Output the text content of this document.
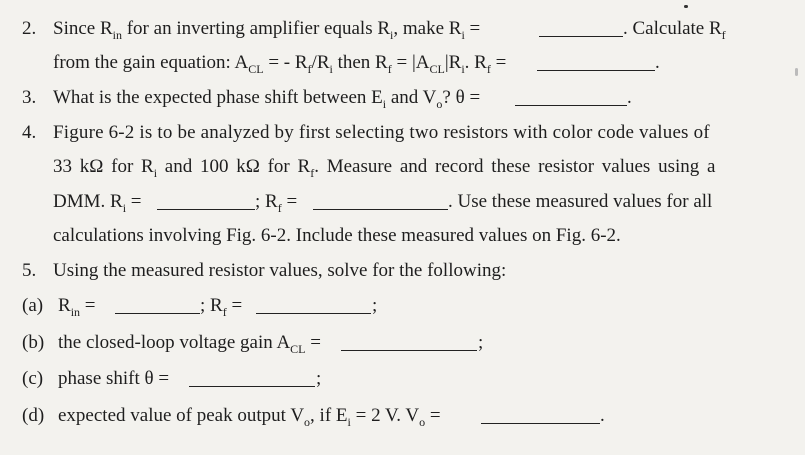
2. Since $R_{in}$ for an inverting amplifier equals $R_i$, make $R_i$ =	. Calculate $R_f$
from the gain equation: $A_{CL}$ = - $R_f/R_i$ then $R_f = |A_{CL}|R_i$. $R_f$ =	.
3. What is the expected phase shift between $E_i$ and $V_o$? θ =	.
4. Figure 6-2 is to be analyzed by first selecting two resistors with color code values of
33 kΩ for $R_i$ and 100 kΩ for $R_f$. Measure and record these resistor values using a
DMM. $R_i$ =	; $R_f$ =	. Use these measured values for all
calculations involving Fig. 6-2. Include these measured values on Fig. 6-2.
5. Using the measured resistor values, solve for the following:
(a) $R_{in}$ =	; $R_f$ =	;
(b) the closed-loop voltage gain $A_{CL}$ =	;
(c) phase shift θ =	;
(d) expected value of peak output $V_o$, if $E_i = 2$ V. $V_o$ =	.
